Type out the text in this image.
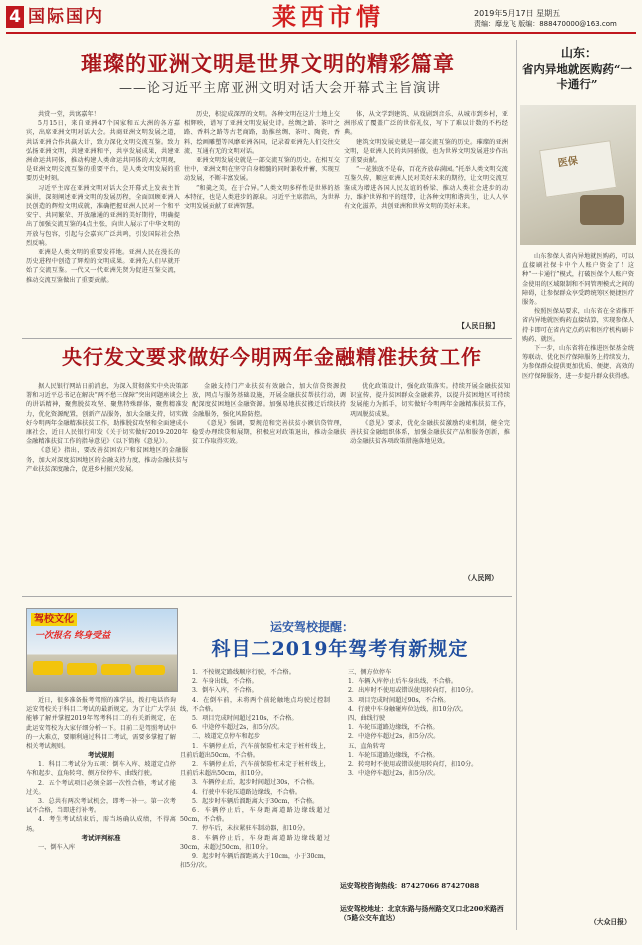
4 国际国内	莱西市情	2019年5月17日 星期五
责编：靡龙飞 版编：888470000@163.com
璀璨的亚洲文明是世界文明的精彩篇章
——论习近平主席亚洲文明对话大会开幕式主旨演讲

共赏一堂，共寓嘉年！

5月15日，来自亚洲47个国家和五大洲的各方嘉宾，出席亚洲文明对话大会。共商亚洲文明发展之道，共话亚洲合作共赢大计，致力深化文明交流互鉴。致力弘扬亚洲文明，共建亚洲和平，共享发展成果，共建亚洲命运共同体，推动构建人类命运共同体的大文明观，是亚洲文明交流互鉴的重要平台，是人类文明发展的重要历史时刻。

习近平主席在亚洲文明对话大会开幕式上发表主旨演讲，深刻阐述亚洲文明的发展历程，全面回顾亚洲人民创造的辉煌文明成就，准确把握亚洲人民对一个和平安宁、共同繁荣、开放融通的亚洲的美好期待，明确提出了加强交流互鉴的4点主张，向世人展示了中华文明的开放与包容，引起与会嘉宾广泛共鸣，引发国际社会热烈反响。

亚洲是人类文明的重要发祥地。亚洲人民在漫长的历史进程中创造了辉煌的文明成果。亚洲先人们早就开始了交流互鉴。一代又一代亚洲先贤为促进互鉴交流，推动交流互鉴做出了重要贡献。

历史，积淀成深厚的文明。各种文明在这片土地上交相辉映，谱写了亚洲文明发展史诗。丝绸之路、茶叶之路、香料之路等古老商路，助推丝绸、茶叶、陶瓷、香料、绘画雕塑等风靡亚洲各国，记录着亚洲先人们交往交流、互通有无的文明对话。

亚洲文明发展史就是一部交流互鉴的历史。在相互交往中，亚洲文明在坚守自身精髓的同时兼收并蓄，实现互动发展，不断丰富发展。

“和羹之美，在于合异。”人类文明多样性是世界的基本特征，也是人类进步的源泉。习近平主席指出，为世界文明发展贡献了亚洲智慧。

体，从文学到建筑、从戏剧到音乐、从城市到乡村，亚洲形成了覆盖广泛的世俗礼仪，写下了难以计数的不朽经典。

建筑文明发展史就是一部交流互鉴的历史。璀璨的亚洲文明，是亚洲人民的共同骄傲，也为世界文明发展进步作出了重要贡献。

“一花独放不是春，百花齐放春满园。”托举人类文明交流互鉴久传，顺应亚洲人民对美好未来的期待，让文明交流互鉴成为增进各国人民友谊的桥梁、推动人类社会进步的动力、维护世界和平的纽带，让各种文明和谐共生，让人人享有文化滋养，共创亚洲和世界文明的美好未来。

【人民日报】
央行发文要求做好今明两年金融精准扶贫工作

据人民银行网站日前消息，为深入贯彻落实中央决策部署和习近平总书记在解决“两不愁三保障”突出问题座谈会上的讲话精神，聚焦脱贫攻坚、聚焦特殊群体，聚焦精准发力，优化资源配置，创新产品服务，加大金融支持，切实做好今明两年金融精准扶贫工作，助推脱贫攻坚和全面建成小康社会，近日人民银行印发《关于切实做好2019-2020年金融精准扶贫工作的指导意见》（以下简称《意见》）。

《意见》指出，要改善贫困农户和贫困地区的金融服务，加大对深度贫困地区的金融支持力度，推动金融扶贫与产业扶贫深度融合，促进乡村振兴发展。

金融支持门产业扶贫有效融合，加大信贷资源投放，网点与服务基础设施，开展金融扶贫帮扶行动，调配深度贫困地区金融资源。加强易地扶贫搬迁后续扶持金融服务，强化风险防控。

《意见》强调，要规范和完善扶贫小额信贷管理，稳妥办理续贷和展期，积极应对政策退出，推动金融扶贫工作取得实效。

优化政策设计，强化政策落实。持续开展金融扶贫知识宣传，提升贫困群众金融素养，以提升贫困地区可持续发展能力为抓手，切实做好今明两年金融精准扶贫工作，巩固脱贫成果。

《意见》要求，优化金融扶贫激励约束机制，健全完善扶贫金融组织体系，加强金融扶贫产品和服务创新，推动金融扶贫各项政策措施落地见效。

（人民网）
驾校文化
一次报名 终身受益
运安驾校提醒：
科目二2019年驾考有新规定

近日，很多准备报考驾照的准学员，拨打电话咨询运安驾校关于科目二考试的最新规定。为了让广大学员能够了解并掌握2019年驾考科目二的有关新规定，在此运安驾校为大家仔细分析一下。目前二是驾照考试中的一大难点，要顺利通过科目二考试，需要多掌握了解相关考试规则。

考试规则

1．科目二考试分为五项：倒车入库、坡道定点停车和起步、直角转弯、侧方位停车、曲线行驶。

2．五个考试项目必须全部一次性合格，考试才能过关。

3．总共有两次考试机会，即考一补一。第一次考试不合格，当即进行补考。

4．考生考试结束后，需当场确认成绩，不得离场。

考试评判标准

一、倒车入库

1．不按规定路线顺序行驶，不合格。

2．车身出线，不合格。

3．倒车入库，不合格。

4．在倒车前，未将两个前轮触地点均驶过控制线，不合格。

5．项目完成时间超过210s，不合格。

6．中途停车超过2s，扣5分/次。

二、坡道定点停车和起步

1．车辆停止后，汽车前保险杠未定于桩杆线上，且前后超出50cm，不合格。

2．车辆停止后，汽车前保险杠未定于桩杆线上，且前后未超出50cm，扣10分。

3．车辆停止后，起步时间超过30s，不合格。

4．行驶中车轮压道路边缘线，不合格。

5．起步时车辆后溜距离大于30cm，不合格。

6．车辆停止后，车身距离道路边缘线超过50cm，不合格。

7．停车后，未拉紧驻车制动器，扣10分。

8．车辆停止后，车身距离道路边缘线超过30cm，未超过50cm，扣10分。

9．起步时车辆后溜距离大于10cm，小于30cm，扣5分/次。

三、侧方位停车

1．车辆入库停止后车身出线，不合格。

2．出库时不使用或错误使用转向灯，扣10分。

3．项目完成时间超过90s，不合格。

4．行驶中车身触碰库位边线，扣10分/次。

四、曲线行驶

1．车轮压道路边缘线，不合格。

2．中途停车超过2s，扣5分/次。

五、直角转弯

1．车轮压道路边缘线，不合格。

2．转弯时不使用或错误使用转向灯，扣10分。

3．中途停车超过2s，扣5分/次。

运安驾校咨询热线：87427066 87427088
运安驾校地址：北京东路与扬州路交叉口北200米路西（5路公交车直达）
山东：
省内异地就医购药“一卡通行”
医保

山东参保人省内异地就医购药，可以直接刷社保卡中个人账户资金了！这种“一卡通行”模式，打破医保个人账户资金使用的区域限制和不同管理模式之间的障碍，让参保群众享受跨统筹区便捷医疗服务。

按照医保局要求，山东省在全省推开省内异地就医购药直接结算，实现参保人持卡即可在省内定点药店和医疗机构刷卡购药、就医。

下一步，山东省将在推进医保基金统筹联动、优化医疗保障服务上持续发力，为参保群众提供更加优质、便捷、高效的医疗保障服务，进一步提升群众获得感。

（大众日报）
